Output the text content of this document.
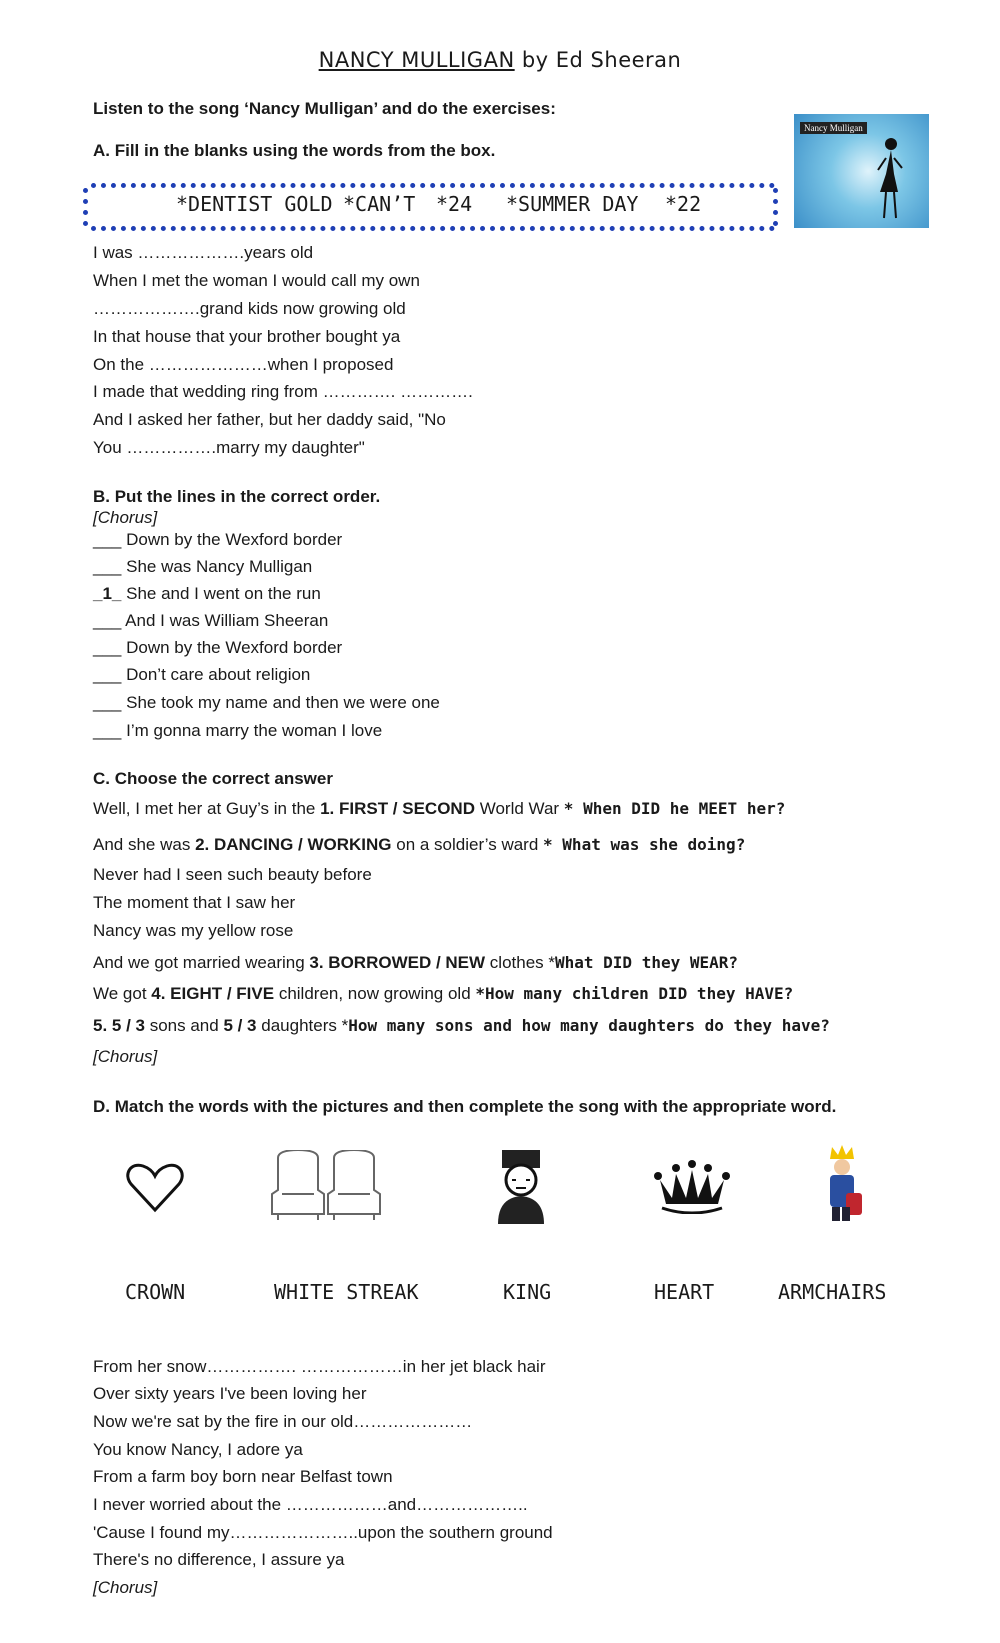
NANCY MULLIGAN by Ed Sheeran
Listen to the song ‘Nancy Mulligan’ and do the exercises:
Nancy Mulligan
A. Fill in the blanks using the words from the box.
*DENTIST GOLD *CAN’T *24 *SUMMER DAY *22
I was ……………….years old
When I met the woman I would call my own
……………….grand kids now growing old
In that house that your brother bought ya
On the …………………when I proposed
I made that wedding ring from …………. ………….
And I asked her father, but her daddy said, "No
You …………….marry my daughter"
B. Put the lines in the correct order.
[Chorus]
___ Down by the Wexford border
___ She was Nancy Mulligan
_1_ She and I went on the run
___ And I was William Sheeran
___ Down by the Wexford border
___ Don’t care about religion
___ She took my name and then we were one
___ I’m gonna marry the woman I love
C. Choose the correct answer
Well, I met her at Guy’s in the 1. FIRST / SECOND World War * When DID he MEET her?
And she was 2. DANCING / WORKING on a soldier’s ward * What was she doing?
Never had I seen such beauty before
The moment that I saw her
Nancy was my yellow rose
And we got married wearing 3. BORROWED / NEW clothes *What DID they WEAR?
We got 4. EIGHT / FIVE children, now growing old *How many children DID they HAVE?
5. 5 / 3 sons and 5 / 3 daughters *How many sons and how many daughters do they have?
[Chorus]
D. Match the words with the pictures and then complete the song with the appropriate word.
CROWN	WHITE STREAK	KING	HEART	ARMCHAIRS
From her snow……………. ………………in her jet black hair
Over sixty years I've been loving her
Now we're sat by the fire in our old…………………
You know Nancy, I adore ya
From a farm boy born near Belfast town
I never worried about the ………………and………………..
'Cause I found my…………………..upon the southern ground
There's no difference, I assure ya
[Chorus]
